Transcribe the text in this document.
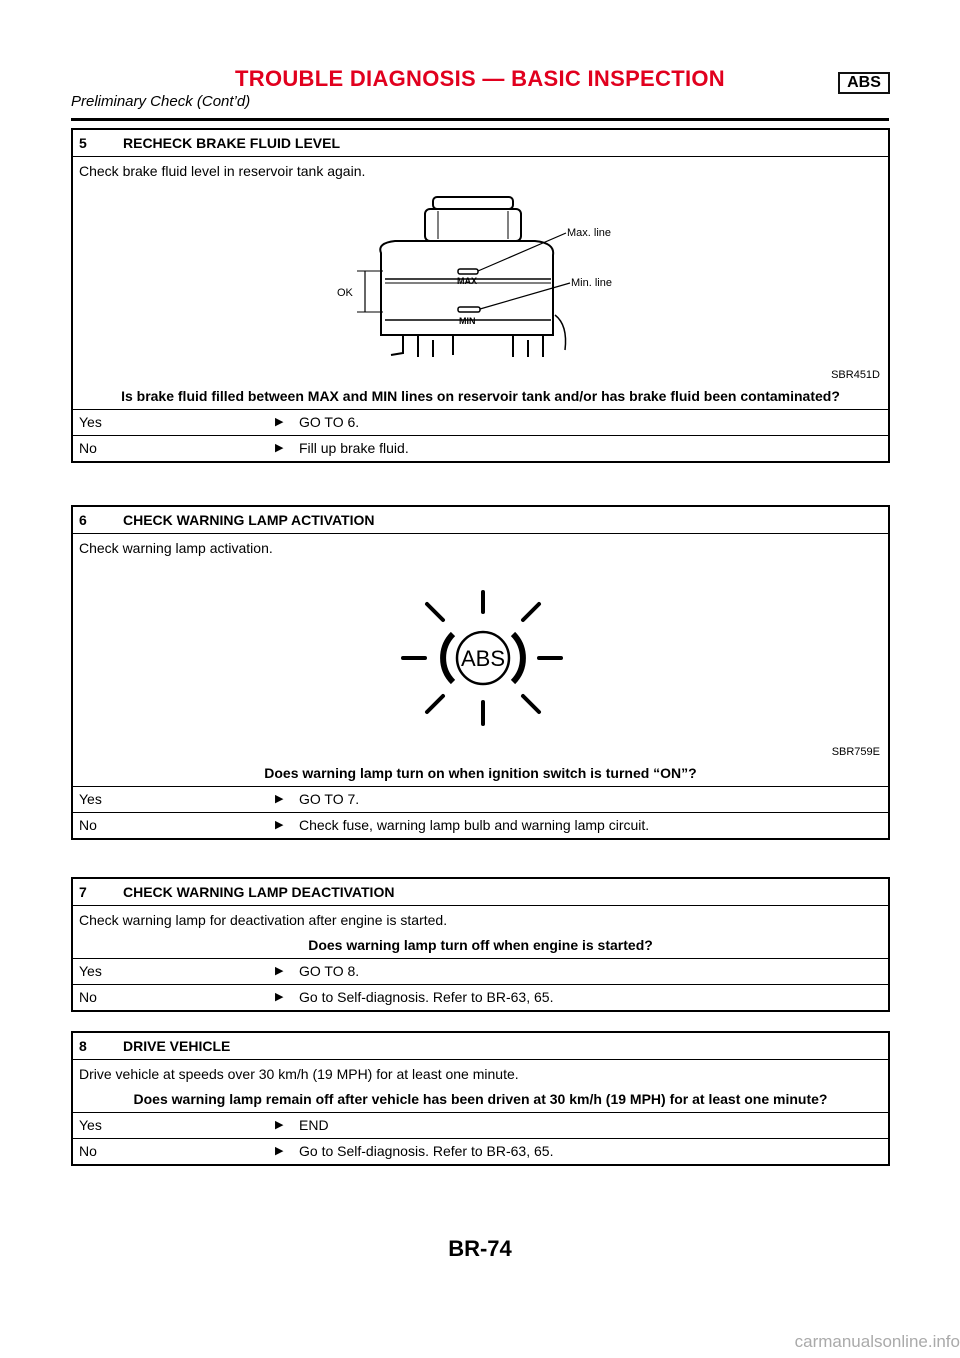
TROUBLE DIAGNOSIS — BASIC INSPECTION	ABS
Preliminary Check (Cont’d)
5	RECHECK BRAKE FLUID LEVEL
Check brake fluid level in reservoir tank again.
Max. line
Min. line
OK
MAX
MIN
SBR451D
Is brake fluid filled between MAX and MIN lines on reservoir tank and/or has brake fluid been contaminated?
Yes	▶ GO TO 6.
No	▶ Fill up brake fluid.
6	CHECK WARNING LAMP ACTIVATION
Check warning lamp activation.
ABS
SBR759E
Does warning lamp turn on when ignition switch is turned “ON”?
Yes	▶ GO TO 7.
No	▶ Check fuse, warning lamp bulb and warning lamp circuit.
7	CHECK WARNING LAMP DEACTIVATION
Check warning lamp for deactivation after engine is started.
Does warning lamp turn off when engine is started?
Yes	▶ GO TO 8.
No	▶ Go to Self-diagnosis. Refer to BR-63, 65.
8	DRIVE VEHICLE
Drive vehicle at speeds over 30 km/h (19 MPH) for at least one minute.
Does warning lamp remain off after vehicle has been driven at 30 km/h (19 MPH) for at least one minute?
Yes	▶ END
No	▶ Go to Self-diagnosis. Refer to BR-63, 65.
BR-74
carmanualsonline.info
